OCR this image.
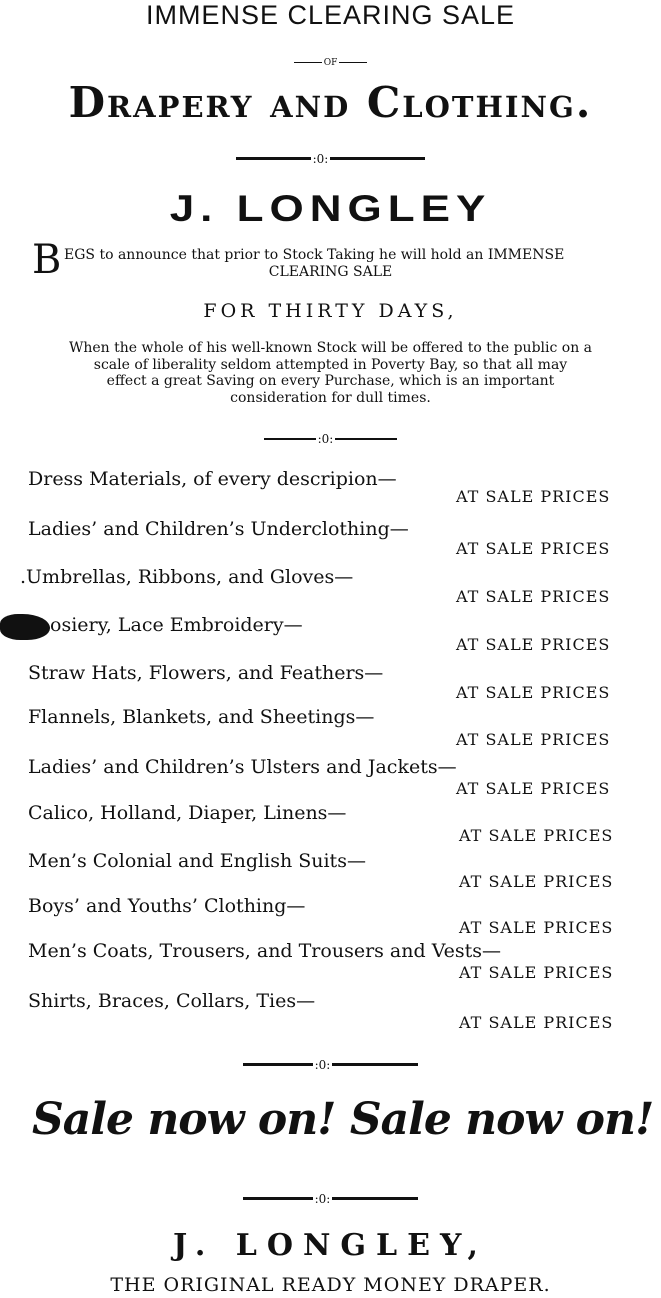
IMMENSE CLEARING SALE
OF
Drapery and Clothing.
:0:
J. LONGLEY
B EGS to announce that prior to Stock Taking he will hold an IMMENSE
CLEARING SALE
FOR THIRTY DAYS,
When the whole of his well-known Stock will be offered to the public on a
scale of liberality seldom attempted in Poverty Bay, so that all may
effect a great Saving on every Purchase, which is an important
consideration for dull times.
:0:
Dress Materials, of every descripion—
AT SALE PRICES
Ladies’ and Children’s Underclothing—
AT SALE PRICES
.Umbrellas, Ribbons, and Gloves—
AT SALE PRICES
osiery, Lace Embroidery—
AT SALE PRICES
Straw Hats, Flowers, and Feathers—
AT SALE PRICES
Flannels, Blankets, and Sheetings—
AT SALE PRICES
Ladies’ and Children’s Ulsters and Jackets—
AT SALE PRICES
Calico, Holland, Diaper, Linens—
AT SALE PRICES
Men’s Colonial and English Suits—
AT SALE PRICES
Boys’ and Youths’ Clothing—
AT SALE PRICES
Men’s Coats, Trousers, and Trousers and Vests—
AT SALE PRICES
Shirts, Braces, Collars, Ties—
AT SALE PRICES
:0:
Sale now on! Sale now on!
:0:
J. LONGLEY,
THE ORIGINAL READY MONEY DRAPER.
